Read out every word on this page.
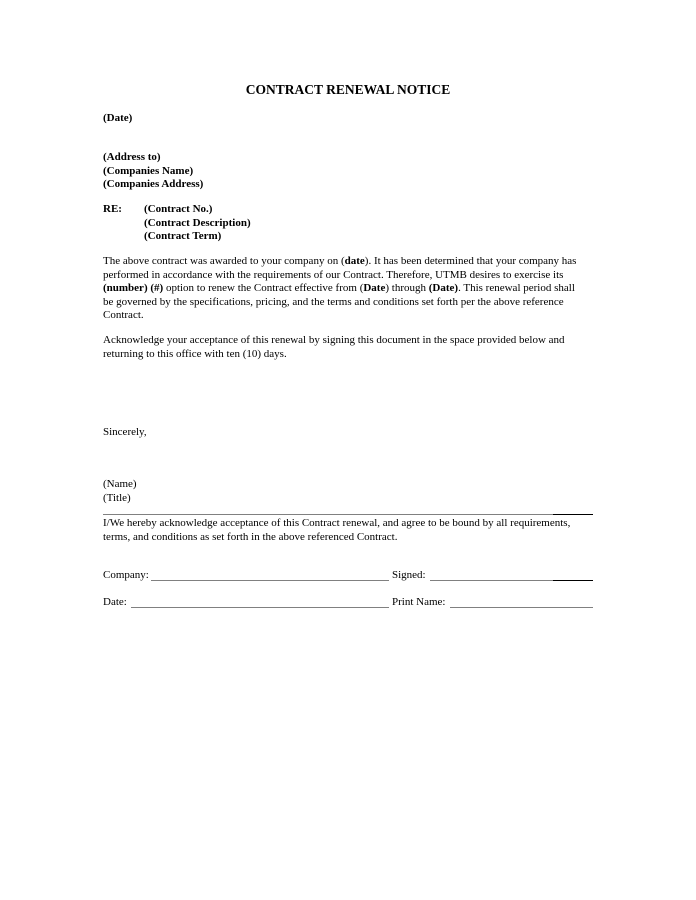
CONTRACT RENEWAL NOTICE
(Date)
(Address to)
(Companies Name)
(Companies Address)
RE: (Contract No.)
(Contract Description)
(Contract Term)
The above contract was awarded to your company on (date). It has been determined that your company has
performed in accordance with the requirements of our Contract. Therefore, UTMB desires to exercise its
(number) (#) option to renew the Contract effective from (Date) through (Date). This renewal period shall
be governed by the specifications, pricing, and the terms and conditions set forth per the above reference
Contract.
Acknowledge your acceptance of this renewal by signing this document in the space provided below and
returning to this office with ten (10) days.
Sincerely,
(Name)
(Title)
I/We hereby acknowledge acceptance of this Contract renewal, and agree to be bound by all requirements,
terms, and conditions as set forth in the above referenced Contract.
Company:	Signed:
Date:	Print Name:
